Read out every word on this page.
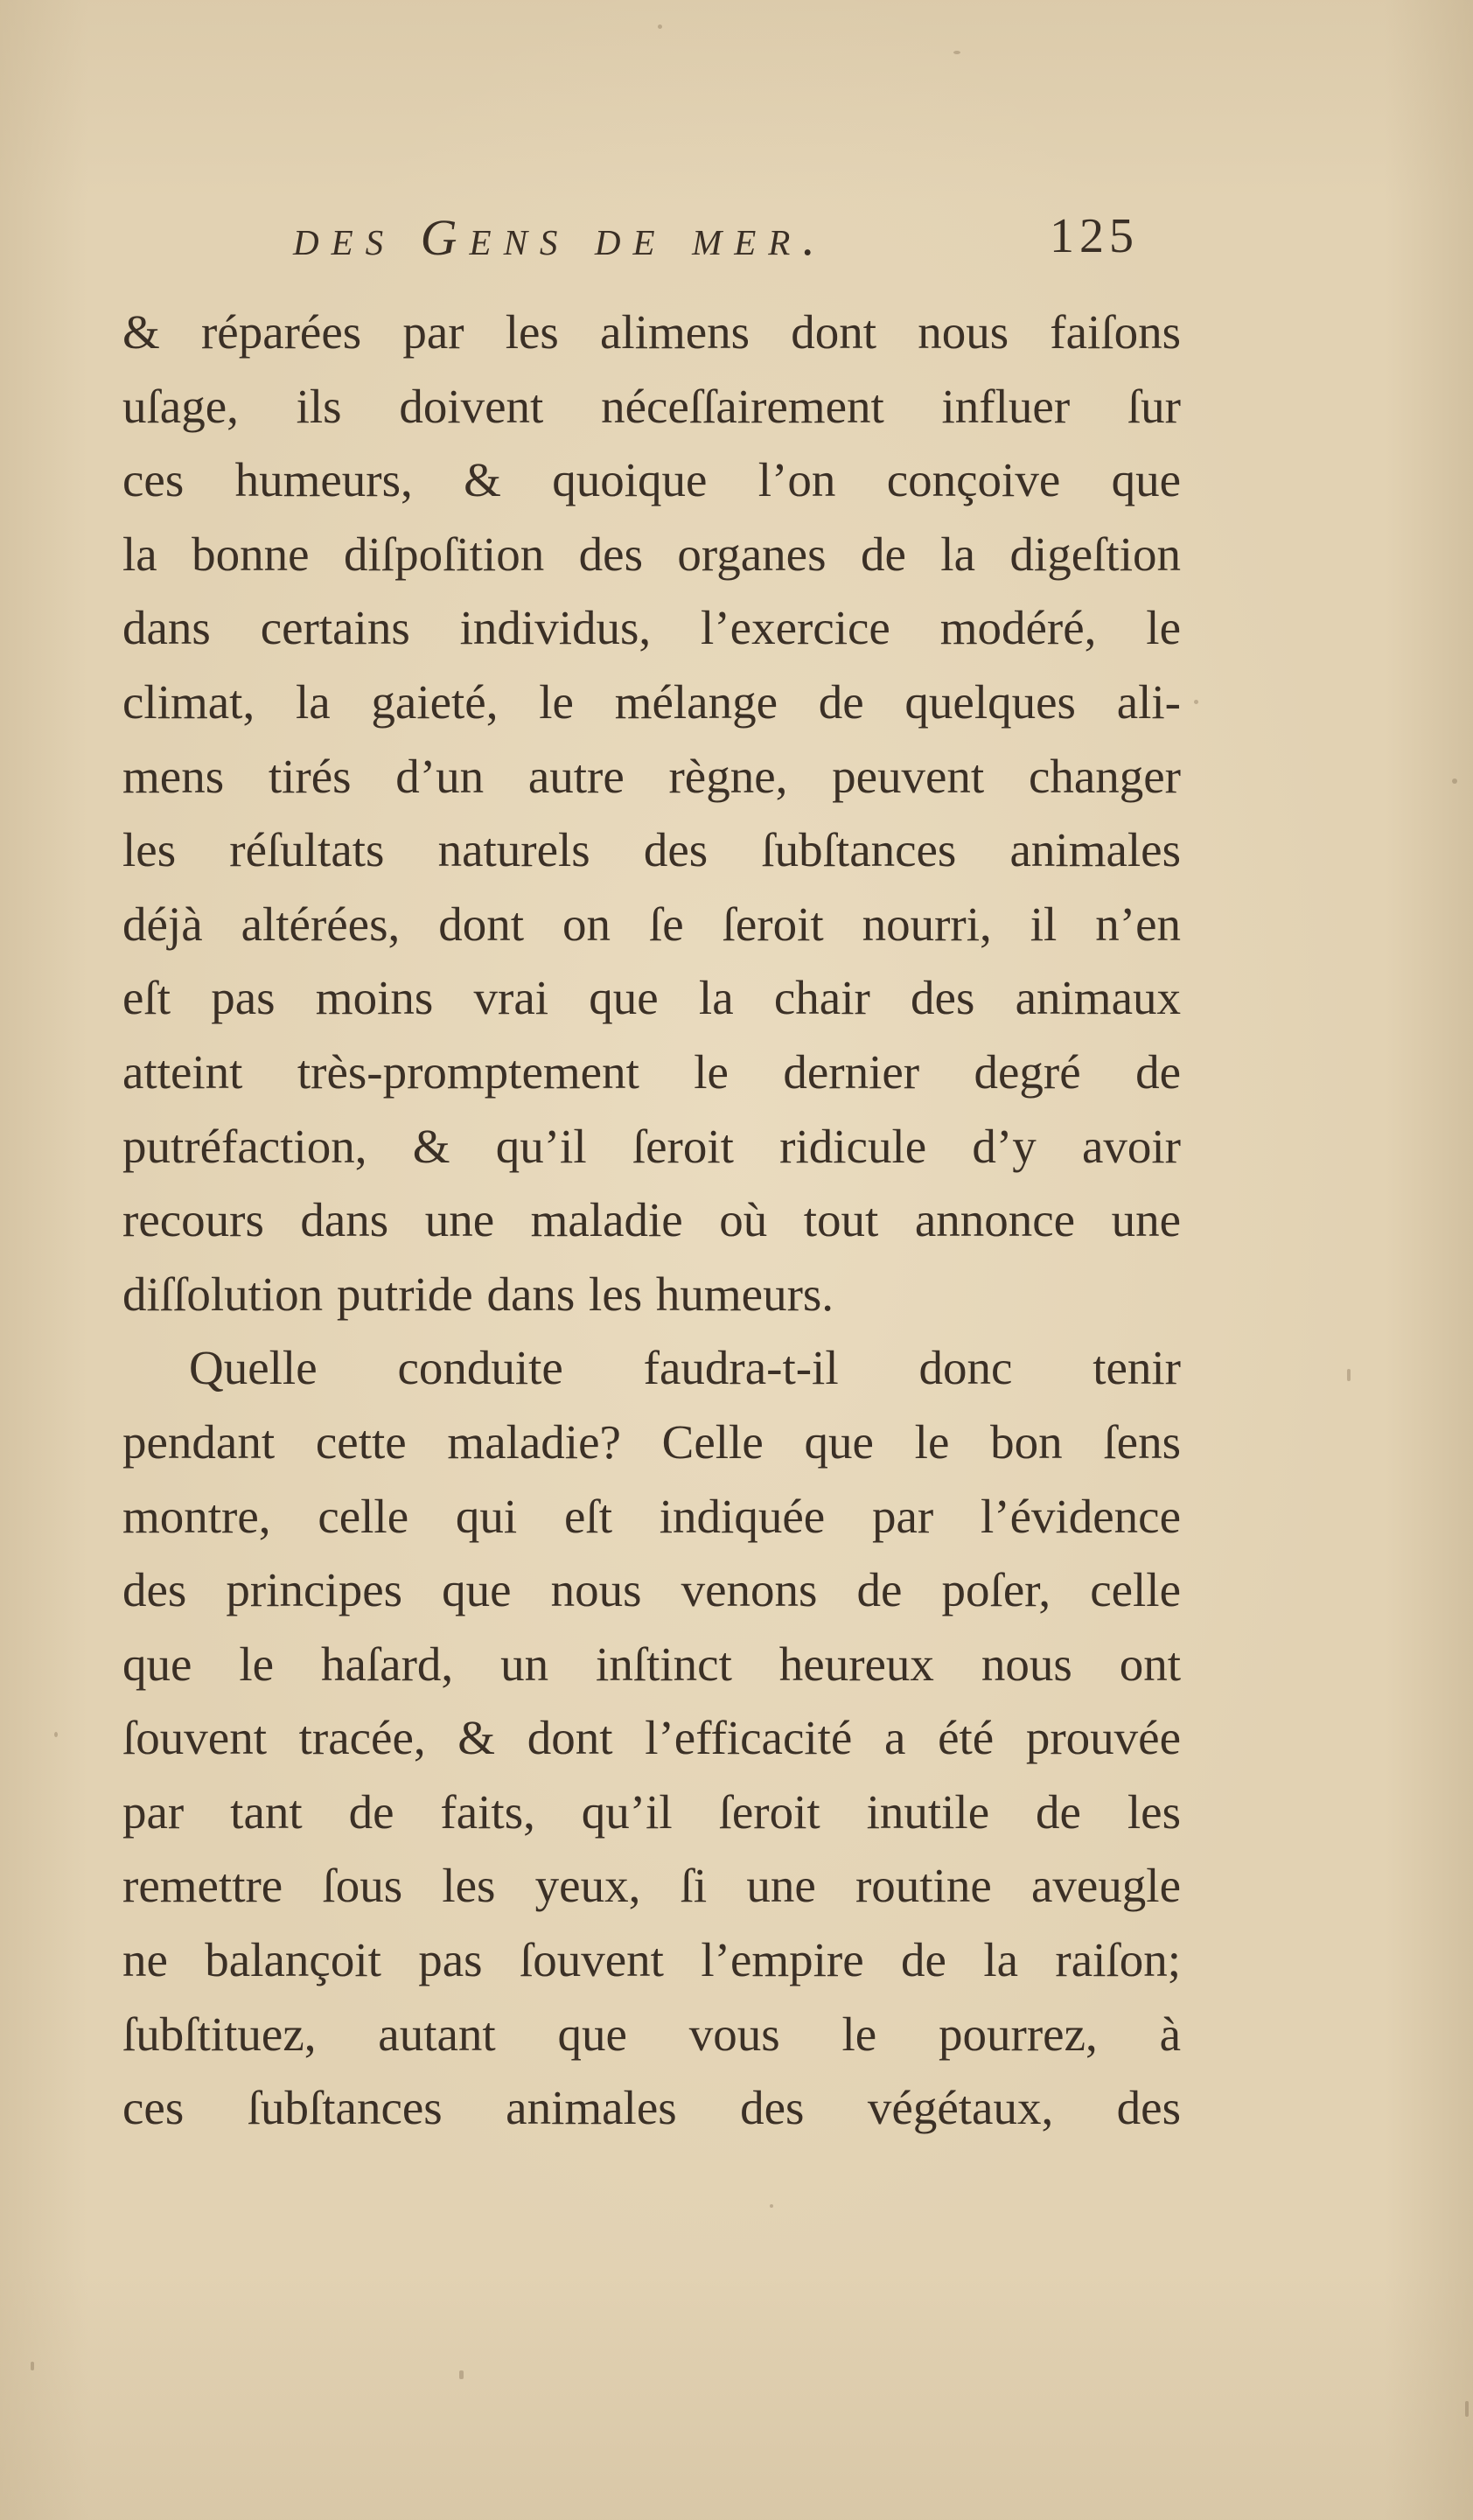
des Gens de mer.	125
& réparées par les alimens dont nous faiſons
uſage, ils doivent néceſſairement influer ſur
ces humeurs, & quoique l’on conçoive que
la bonne diſpoſition des organes de la digeſtion
dans certains individus, l’exercice modéré, le
climat, la gaieté, le mélange de quelques ali-
mens tirés d’un autre règne, peuvent changer
les réſultats naturels des ſubſtances animales
déjà altérées, dont on ſe ſeroit nourri, il n’en
eſt pas moins vrai que la chair des animaux
atteint très-promptement le dernier degré de
putréfaction, & qu’il ſeroit ridicule d’y avoir
recours dans une maladie où tout annonce une
diſſolution putride dans les humeurs.
Quelle conduite faudra-t-il donc tenir
pendant cette maladie? Celle que le bon ſens
montre, celle qui eſt indiquée par l’évidence
des principes que nous venons de poſer, celle
que le haſard, un inſtinct heureux nous ont
ſouvent tracée, & dont l’efficacité a été prouvée
par tant de faits, qu’il ſeroit inutile de les
remettre ſous les yeux, ſi une routine aveugle
ne balançoit pas ſouvent l’empire de la raiſon;
ſubſtituez, autant que vous le pourrez, à
ces ſubſtances animales des végétaux, des
